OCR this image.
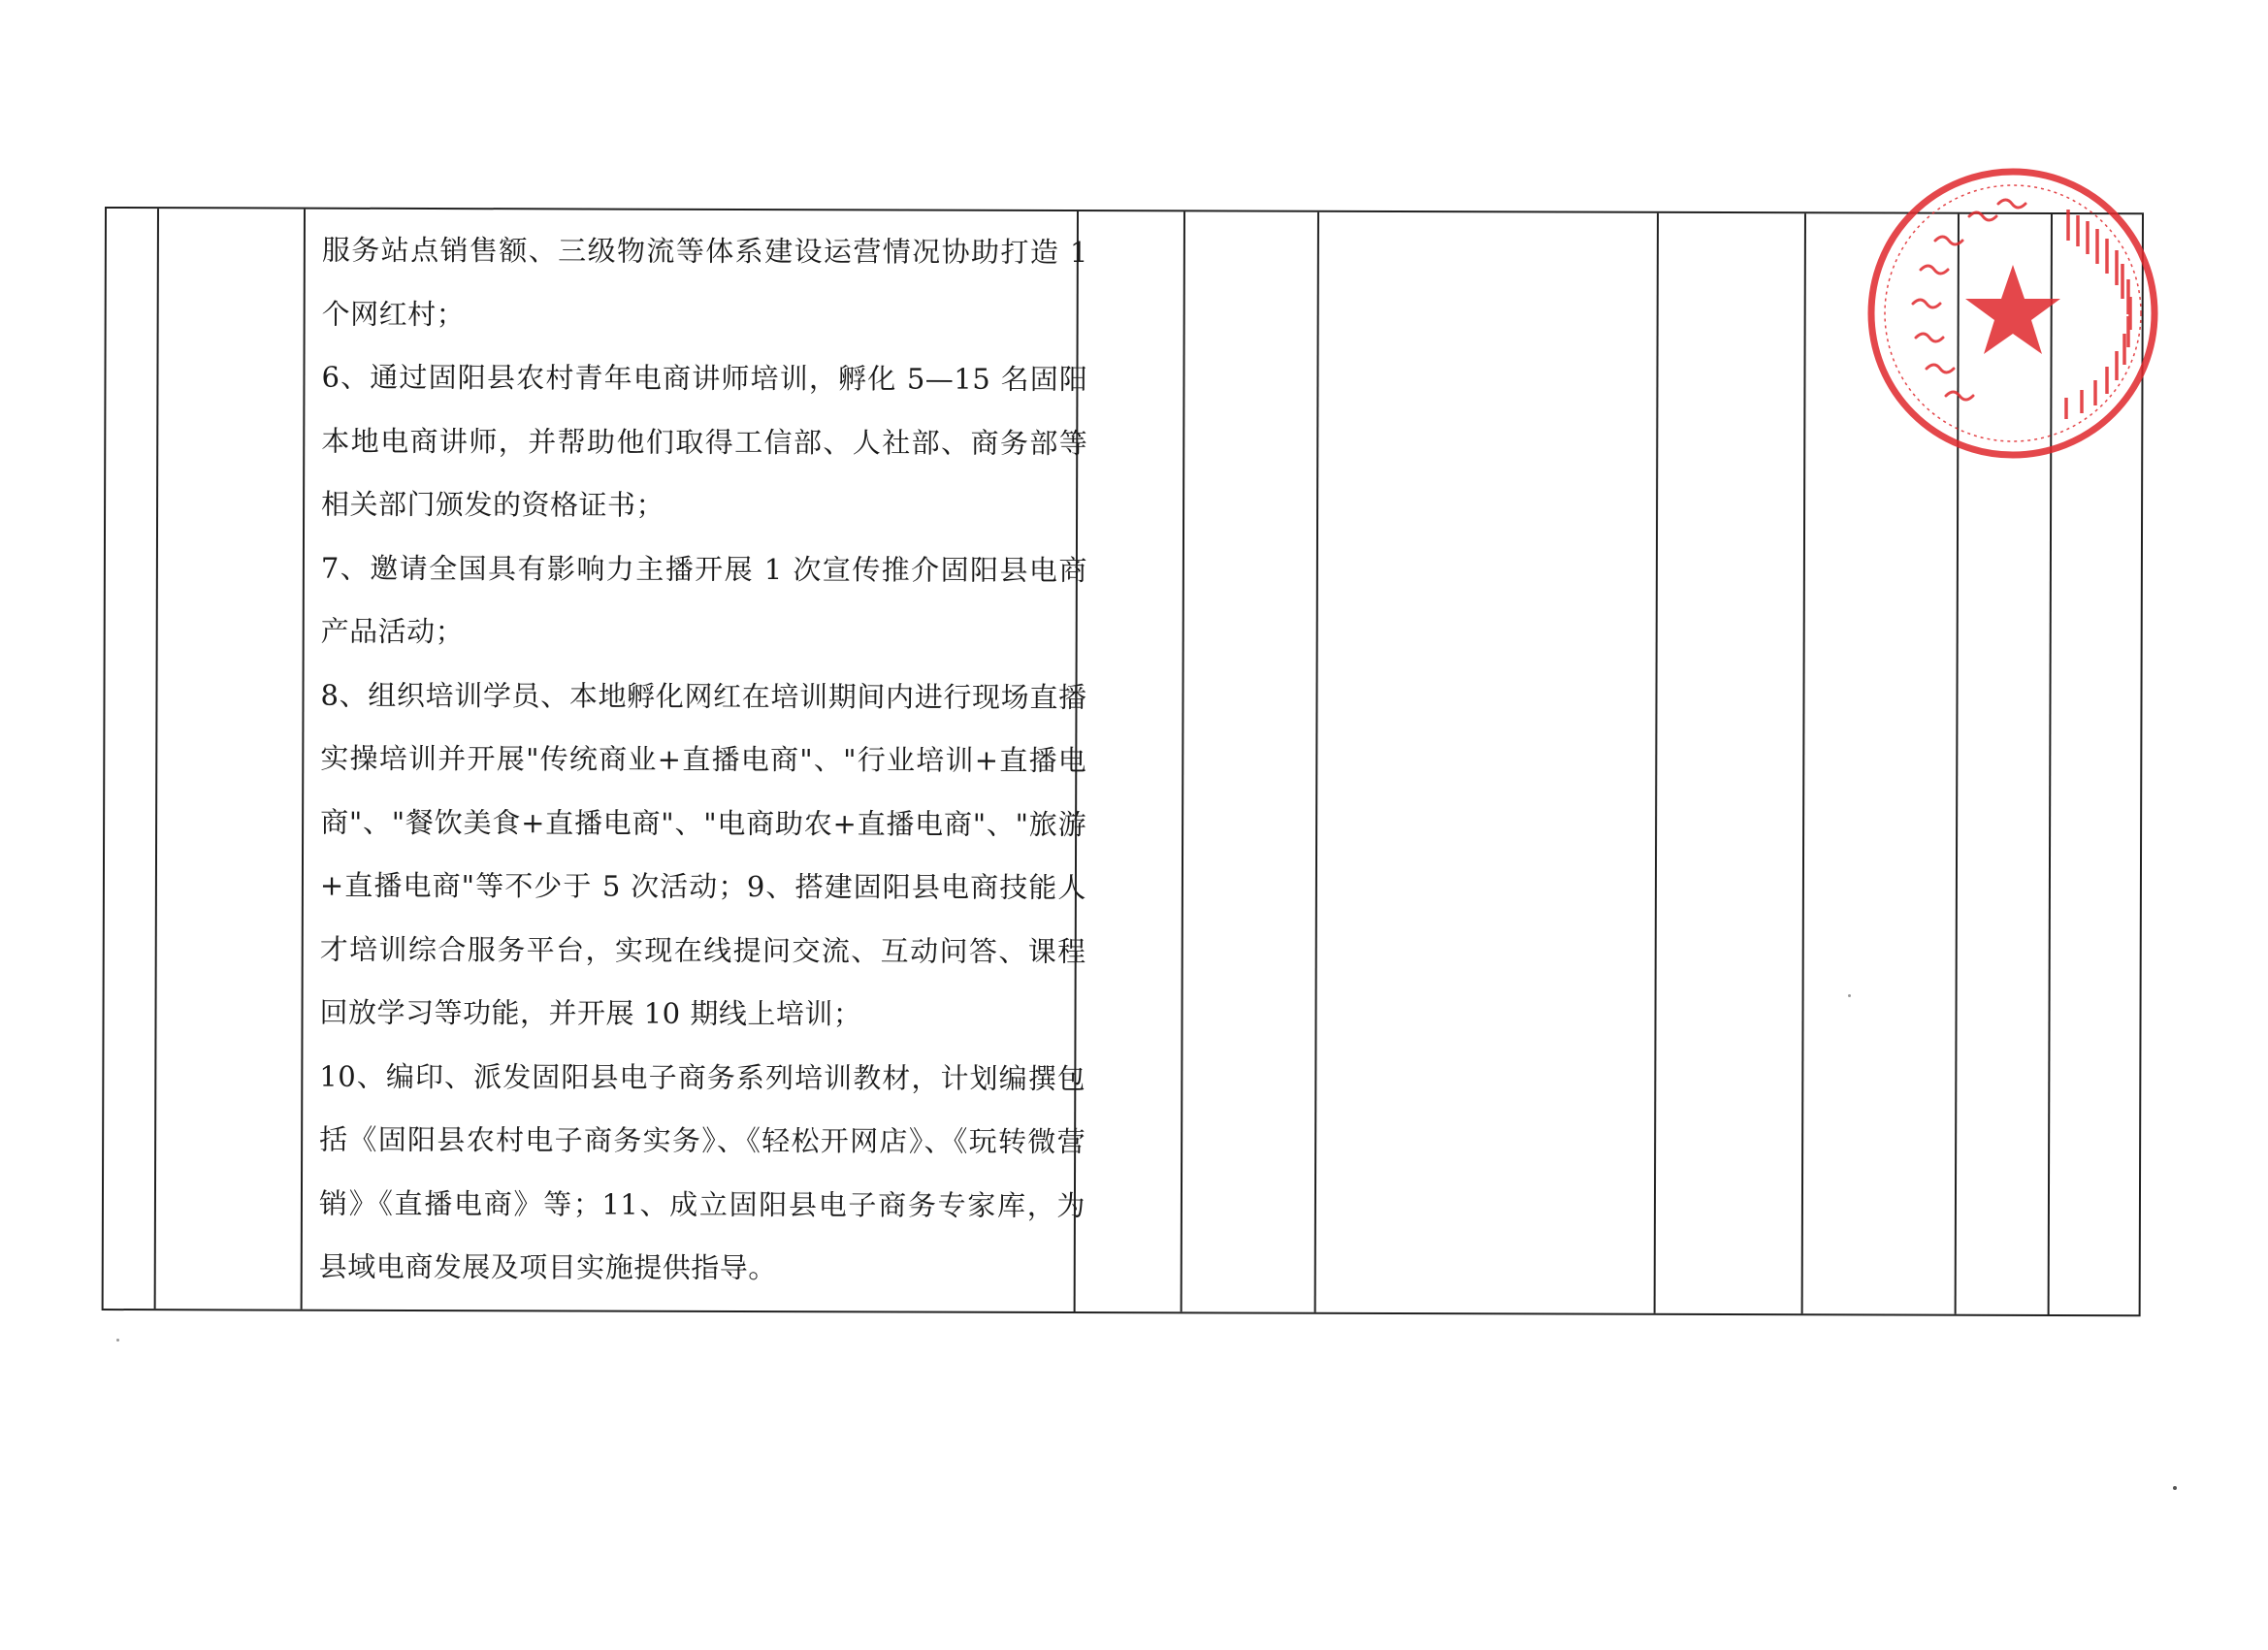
服务站点销售额、三级物流等体系建设运营情况协助打造 1 个网红村；

6、通过固阳县农村青年电商讲师培训，孵化 5—15 名固阳本地电商讲师，并帮助他们取得工信部、人社部、商务部等相关部门颁发的资格证书；

7、邀请全国具有影响力主播开展 1 次宣传推介固阳县电商产品活动；

8、组织培训学员、本地孵化网红在培训期间内进行现场直播实操培训并开展"传统商业+直播电商"、"行业培训+直播电商"、"餐饮美食+直播电商"、"电商助农+直播电商"、"旅游+直播电商"等不少于 5 次活动；9、搭建固阳县电商技能人才培训综合服务平台，实现在线提问交流、互动问答、课程回放学习等功能，并开展 10 期线上培训；

10、编印、派发固阳县电子商务系列培训教材，计划编撰包括《固阳县农村电子商务实务》、《轻松开网店》、《玩转微营销》《直播电商》等；11、成立固阳县电子商务专家库，为县域电商发展及项目实施提供指导。
